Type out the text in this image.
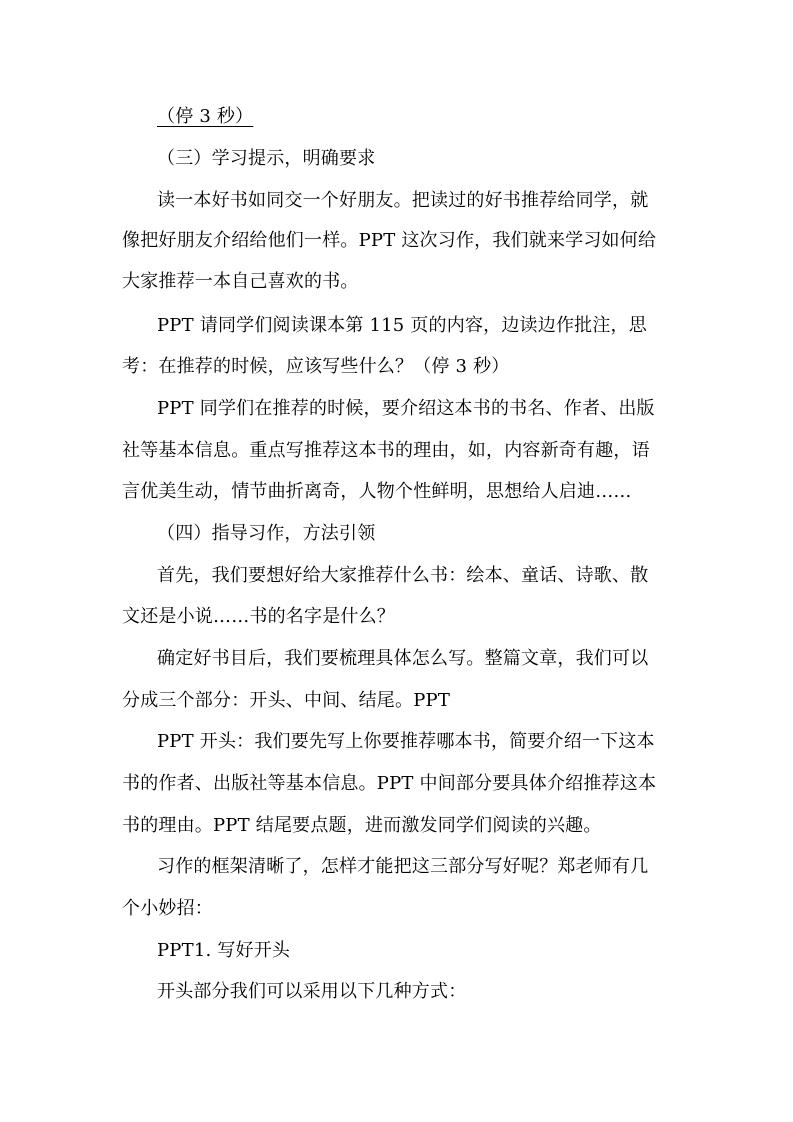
（停 3 秒）
（三）学习提示，明确要求
读一本好书如同交一个好朋友。把读过的好书推荐给同学，就
像把好朋友介绍给他们一样。PPT 这次习作，我们就来学习如何给
大家推荐一本自己喜欢的书。
PPT 请同学们阅读课本第 115 页的内容，边读边作批注，思
考：在推荐的时候，应该写些什么？（停 3 秒）
PPT 同学们在推荐的时候，要介绍这本书的书名、作者、出版
社等基本信息。重点写推荐这本书的理由，如，内容新奇有趣，语
言优美生动，情节曲折离奇，人物个性鲜明，思想给人启迪……
（四）指导习作，方法引领
首先，我们要想好给大家推荐什么书：绘本、童话、诗歌、散
文还是小说……书的名字是什么？
确定好书目后，我们要梳理具体怎么写。整篇文章，我们可以
分成三个部分：开头、中间、结尾。PPT
PPT 开头：我们要先写上你要推荐哪本书，简要介绍一下这本
书的作者、出版社等基本信息。PPT 中间部分要具体介绍推荐这本
书的理由。PPT 结尾要点题，进而激发同学们阅读的兴趣。
习作的框架清晰了，怎样才能把这三部分写好呢？郑老师有几
个小妙招：
PPT1. 写好开头
开头部分我们可以采用以下几种方式：
